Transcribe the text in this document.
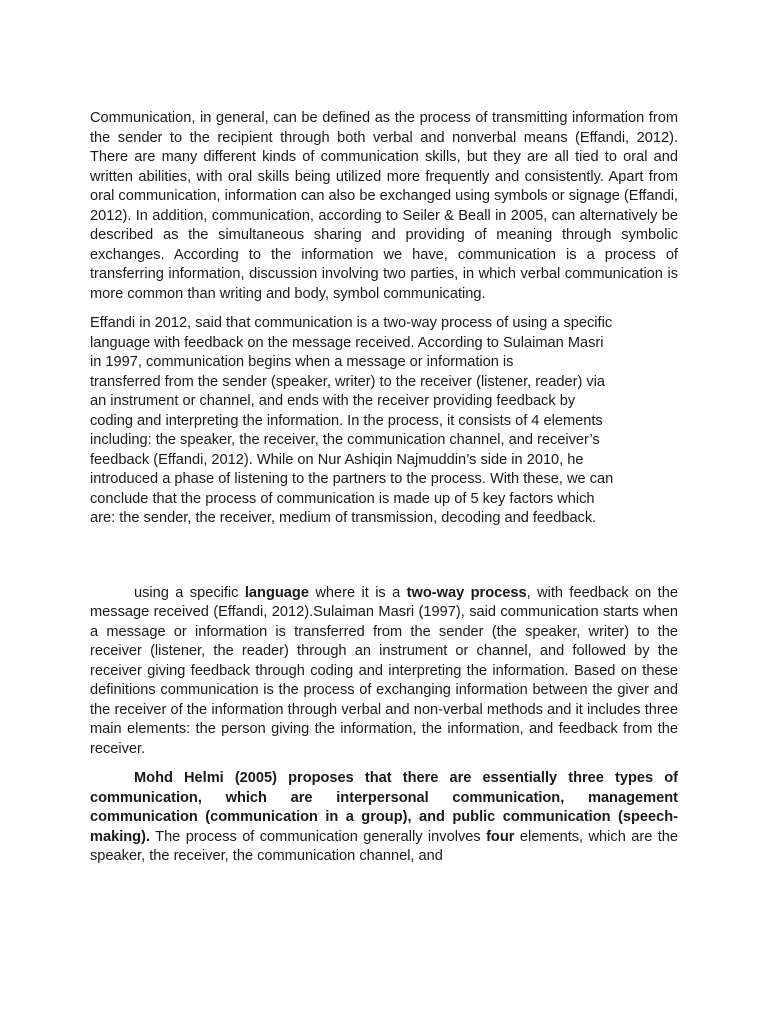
Communication, in general, can be defined as the process of transmitting information from the sender to the recipient through both verbal and nonverbal means (Effandi, 2012). There are many different kinds of communication skills, but they are all tied to oral and written abilities, with oral skills being utilized more frequently and consistently. Apart from oral communication, information can also be exchanged using symbols or signage (Effandi, 2012). In addition, communication, according to Seiler & Beall in 2005, can alternatively be described as the simultaneous sharing and providing of meaning through symbolic exchanges. According to the information we have, communication is a process of transferring information, discussion involving two parties, in which verbal communication is more common than writing and body, symbol communicating.

Effandi in 2012, said that communication is a two-way process of using a specific
language with feedback on the message received. According to Sulaiman Masri
in 1997, communication begins when a message or information is
transferred from the sender (speaker, writer) to the receiver (listener, reader) via
an instrument or channel, and ends with the receiver providing feedback by
coding and interpreting the information. In the process, it consists of 4 elements
including: the speaker, the receiver, the communication channel, and receiver’s
feedback (Effandi, 2012). While on Nur Ashiqin Najmuddin’s side in 2010, he
introduced a phase of listening to the partners to the process. With these, we can
conclude that the process of communication is made up of 5 key factors which
are: the sender, the receiver, medium of transmission, decoding and feedback.

using a specific language where it is a two-way process, with feedback on the message received (Effandi, 2012).Sulaiman Masri (1997), said communication starts when a message or information is transferred from the sender (the speaker, writer) to the receiver (listener, the reader) through an instrument or channel, and followed by the receiver giving feedback through coding and interpreting the information. Based on these definitions communication is the process of exchanging information between the giver and the receiver of the information through verbal and non-verbal methods and it includes three main elements: the person giving the information, the information, and feedback from the receiver.

Mohd Helmi (2005) proposes that there are essentially three types of communication, which are interpersonal communication, management communication (communication in a group), and public communication (speech-making). The process of communication generally involves four elements, which are the speaker, the receiver, the communication channel, and
